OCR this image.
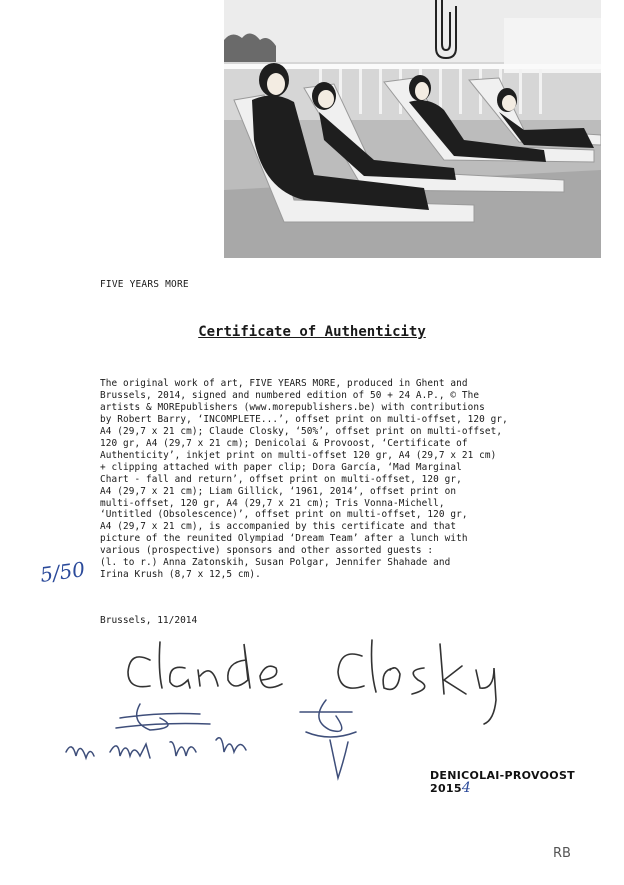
FIVE YEARS MORE
Certificate of Authenticity
The original work of art, FIVE YEARS MORE, produced in Ghent and
Brussels, 2014, signed and numbered edition of 50 + 24 A.P., © The
artists & MOREpublishers (www.morepublishers.be) with contributions
by Robert Barry, ‘INCOMPLETE...’, offset print on multi-offset, 120 gr,
A4 (29,7 x 21 cm); Claude Closky, ‘50%’, offset print on multi-offset,
120 gr, A4 (29,7 x 21 cm); Denicolai & Provoost, ‘Certificate of
Authenticity’, inkjet print on multi-offset 120 gr, A4 (29,7 x 21 cm)
+ clipping attached with paper clip; Dora García, ‘Mad Marginal
Chart - fall and return’, offset print on multi-offset, 120 gr,
A4 (29,7 x 21 cm); Liam Gillick, ‘1961, 2014’, offset print on
multi-offset, 120 gr, A4 (29,7 x 21 cm); Tris Vonna-Michell,
‘Untitled (Obsolescence)’, offset print on multi-offset, 120 gr,
A4 (29,7 x 21 cm), is accompanied by this certificate and that
picture of the reunited Olympiad ‘Dream Team’ after a lunch with
various (prospective) sponsors and other assorted guests :
(l. to r.) Anna Zatonskih, Susan Polgar, Jennifer Shahade and
Irina Krush (8,7 x 12,5 cm).
5/50
Brussels, 11/2014
DENICOLAI-PROVOOST
20154
RB
